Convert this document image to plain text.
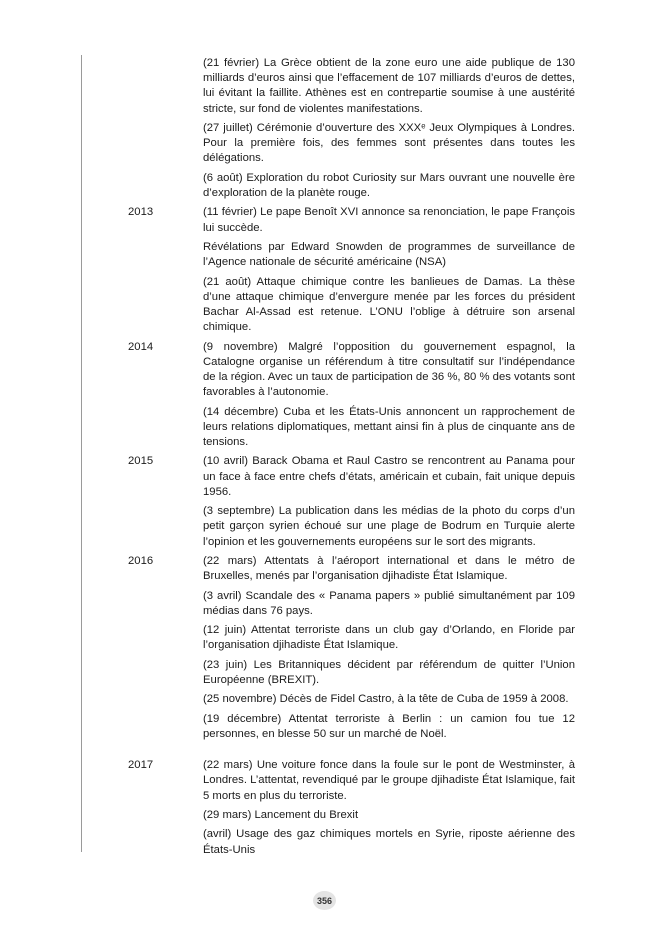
(21 février) La Grèce obtient de la zone euro une aide publique de 130 milliards d’euros ainsi que l’effacement de 107 milliards d’euros de dettes, lui évitant la faillite. Athènes est en contrepartie soumise à une austérité stricte, sur fond de violentes manifestations.

(27 juillet) Cérémonie d’ouverture des XXXᵉ Jeux Olympiques à Londres. Pour la première fois, des femmes sont présentes dans toutes les délégations.

(6 août) Exploration du robot Curiosity sur Mars ouvrant une nouvelle ère d’exploration de la planète rouge.

2013	(11 février) Le pape Benoît XVI annonce sa renonciation, le pape François lui succède.

Révélations par Edward Snowden de programmes de surveillance de l’Agence nationale de sécurité américaine (NSA)

(21 août) Attaque chimique contre les banlieues de Damas. La thèse d’une attaque chimique d’envergure menée par les forces du président Bachar Al-Assad est retenue. L’ONU l’oblige à détruire son arsenal chimique.

2014	(9 novembre) Malgré l’opposition du gouvernement espagnol, la Catalogne organise un référendum à titre consultatif sur l’indépendance de la région. Avec un taux de participation de 36 %, 80 % des votants sont favorables à l’autonomie.

(14 décembre) Cuba et les États-Unis annoncent un rapprochement de leurs relations diplomatiques, mettant ainsi fin à plus de cinquante ans de tensions.

2015	(10 avril) Barack Obama et Raul Castro se rencontrent au Panama pour un face à face entre chefs d’états, américain et cubain, fait unique depuis 1956.

(3 septembre) La publication dans les médias de la photo du corps d’un petit garçon syrien échoué sur une plage de Bodrum en Turquie alerte l’opinion et les gouvernements européens sur le sort des migrants.

2016	(22 mars) Attentats à l’aéroport international et dans le métro de Bruxelles, menés par l’organisation djihadiste État Islamique.

(3 avril) Scandale des « Panama papers » publié simultanément par 109 médias dans 76 pays.

(12 juin) Attentat terroriste dans un club gay d’Orlando, en Floride par l’organisation djihadiste État Islamique.

(23 juin) Les Britanniques décident par référendum de quitter l’Union Européenne (BREXIT).

(25 novembre) Décès de Fidel Castro, à la tête de Cuba de 1959 à 2008.

(19 décembre) Attentat terroriste à Berlin : un camion fou tue 12 personnes, en blesse 50 sur un marché de Noël.

2017	(22 mars) Une voiture fonce dans la foule sur le pont de Westminster, à Londres. L’attentat, revendiqué par le groupe djihadiste État Islamique, fait 5 morts en plus du terroriste.

(29 mars) Lancement du Brexit

(avril) Usage des gaz chimiques mortels en Syrie, riposte aérienne des États-Unis

356
